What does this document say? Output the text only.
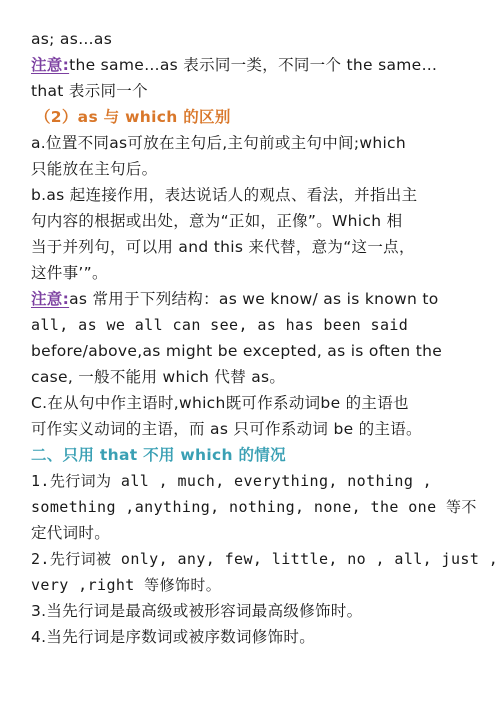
as; as…as
注意:the same…as 表示同一类，不同一个 the same…
that 表示同一个
（2）as 与 which 的区别
a.位置不同as可放在主句后,主句前或主句中间;which
只能放在主句后。
b.as 起连接作用，表达说话人的观点、看法，并指出主
句内容的根据或出处，意为“正如，正像”。Which 相
当于并列句，可以用 and this 来代替，意为“这一点，
这件事’”。
注意:as 常用于下列结构：as we know/ as is known to
all, as we all can see, as has been said
before/above,as might be excepted, as is often the
case, 一般不能用 which 代替 as。
C.在从句中作主语时,which既可作系动词be 的主语也
可作实义动词的主语，而 as 只可作系动词 be 的主语。
二、只用 that 不用 which 的情况
1.先行词为 all , much, everything, nothing ,
something ,anything, nothing, none, the one 等不
定代词时。
2.先行词被 only, any, few, little, no , all, just ,
very ,right 等修饰时。
3.当先行词是最高级或被形容词最高级修饰时。
4.当先行词是序数词或被序数词修饰时。
